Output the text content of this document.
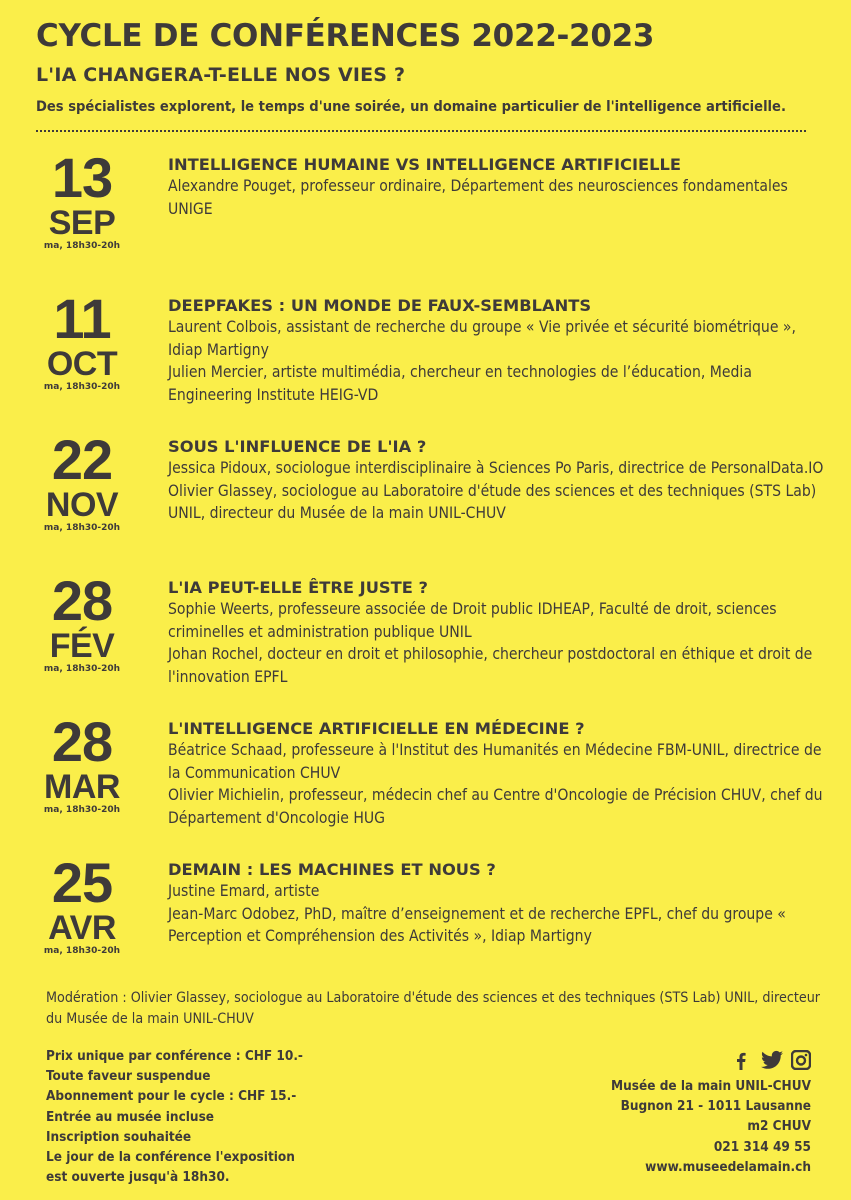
CYCLE DE CONFÉRENCES 2022-2023
L'IA CHANGERA-T-ELLE NOS VIES ?
Des spécialistes explorent, le temps d'une soirée, un domaine particulier de l'intelligence artificielle.
13
SEP
ma, 18h30-20h
INTELLIGENCE HUMAINE VS INTELLIGENCE ARTIFICIELLE
Alexandre Pouget, professeur ordinaire, Département des neurosciences fondamentales UNIGE
11
OCT
ma, 18h30-20h
DEEPFAKES : UN MONDE DE FAUX-SEMBLANTS
Laurent Colbois, assistant de recherche du groupe « Vie privée et sécurité biométrique », Idiap Martigny
Julien Mercier, artiste multimédia, chercheur en technologies de l’éducation, Media Engineering Institute HEIG-VD
22
NOV
ma, 18h30-20h
SOUS L'INFLUENCE DE L'IA ?
Jessica Pidoux, sociologue interdisciplinaire à Sciences Po Paris, directrice de PersonalData.IO
Olivier Glassey, sociologue au Laboratoire d'étude des sciences et des techniques (STS Lab) UNIL, directeur du Musée de la main UNIL-CHUV
28
FÉV
ma, 18h30-20h
L'IA PEUT-ELLE ÊTRE JUSTE ?
Sophie Weerts, professeure associée de Droit public IDHEAP, Faculté de droit, sciences criminelles et administration publique UNIL
Johan Rochel, docteur en droit et philosophie, chercheur postdoctoral en éthique et droit de l'innovation EPFL
28
MAR
ma, 18h30-20h
L'INTELLIGENCE ARTIFICIELLE EN MÉDECINE ?
Béatrice Schaad, professeure à l'Institut des Humanités en Médecine FBM-UNIL, directrice de la Communication CHUV
Olivier Michielin, professeur, médecin chef au Centre d'Oncologie de Précision CHUV, chef du Département d'Oncologie HUG
25
AVR
ma, 18h30-20h
DEMAIN : LES MACHINES ET NOUS ?
Justine Emard, artiste
Jean-Marc Odobez, PhD, maître d’enseignement et de recherche EPFL, chef du groupe « Perception et Compréhension des Activités », Idiap Martigny
Modération : Olivier Glassey, sociologue au Laboratoire d'étude des sciences et des techniques (STS Lab) UNIL, directeur du Musée de la main UNIL-CHUV
Prix unique par conférence : CHF 10.-
Toute faveur suspendue
Abonnement pour le cycle : CHF 15.-
Entrée au musée incluse
Inscription souhaitée
Le jour de la conférence l'exposition
est ouverte jusqu'à 18h30.
Musée de la main UNIL-CHUV
Bugnon 21 - 1011 Lausanne
m2 CHUV
021 314 49 55
www.museedelamain.ch
